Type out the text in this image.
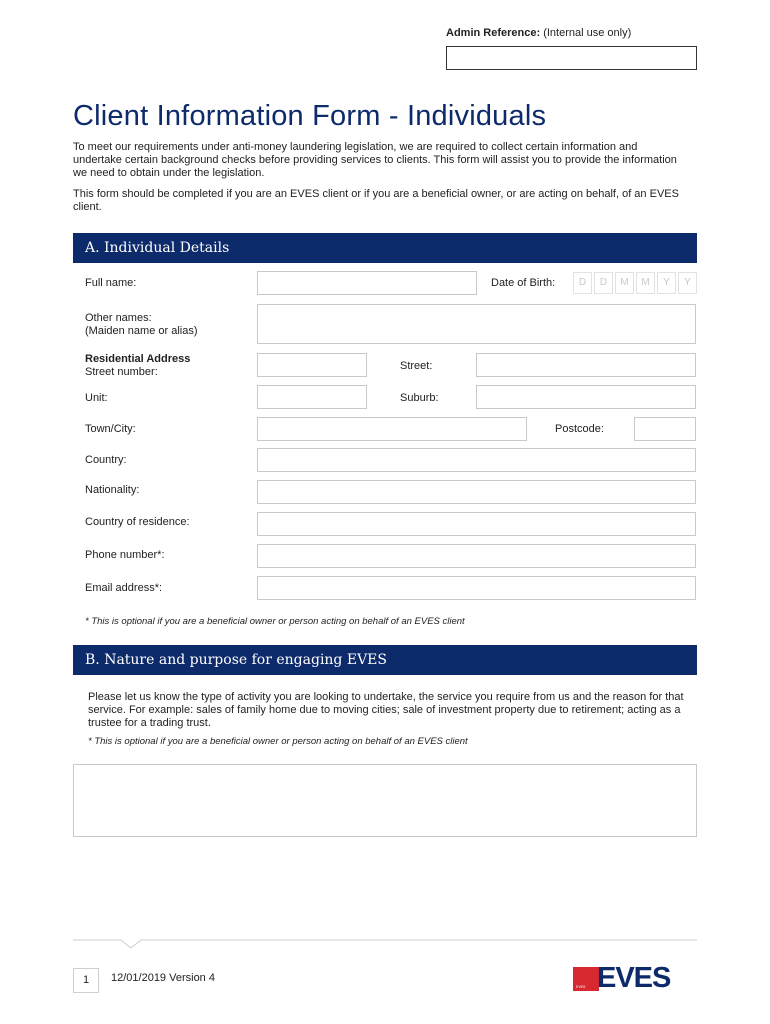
Admin Reference: (Internal use only)
Client Information Form - Individuals
To meet our requirements under anti-money laundering legislation, we are required to collect certain information and undertake certain background checks before providing services to clients. This form will assist you to provide the information we need to obtain under the legislation.
This form should be completed if you are an EVES client or if you are a beneficial owner, or are acting on behalf, of an EVES client.
A. Individual Details
Full name:	Date of Birth:	D	D	M	M	Y	Y
Other names:
(Maiden name or alias)
Residential Address
Street number:	Street:
Unit:	Suburb:
Town/City:	Postcode:
Country:
Nationality:
Country of residence:
Phone number*:
Email address*:
* This is optional if you are a beneficial owner or person acting on behalf of an EVES client
B. Nature and purpose for engaging EVES
Please let us know the type of activity you are looking to undertake, the service you require from us and the reason for that service. For example: sales of family home due to moving cities; sale of investment property due to retirement; acting as a trustee for a trading trust.
* This is optional if you are a beneficial owner or person acting on behalf of an EVES client
1	12/01/2019 Version 4
EVES EVES
